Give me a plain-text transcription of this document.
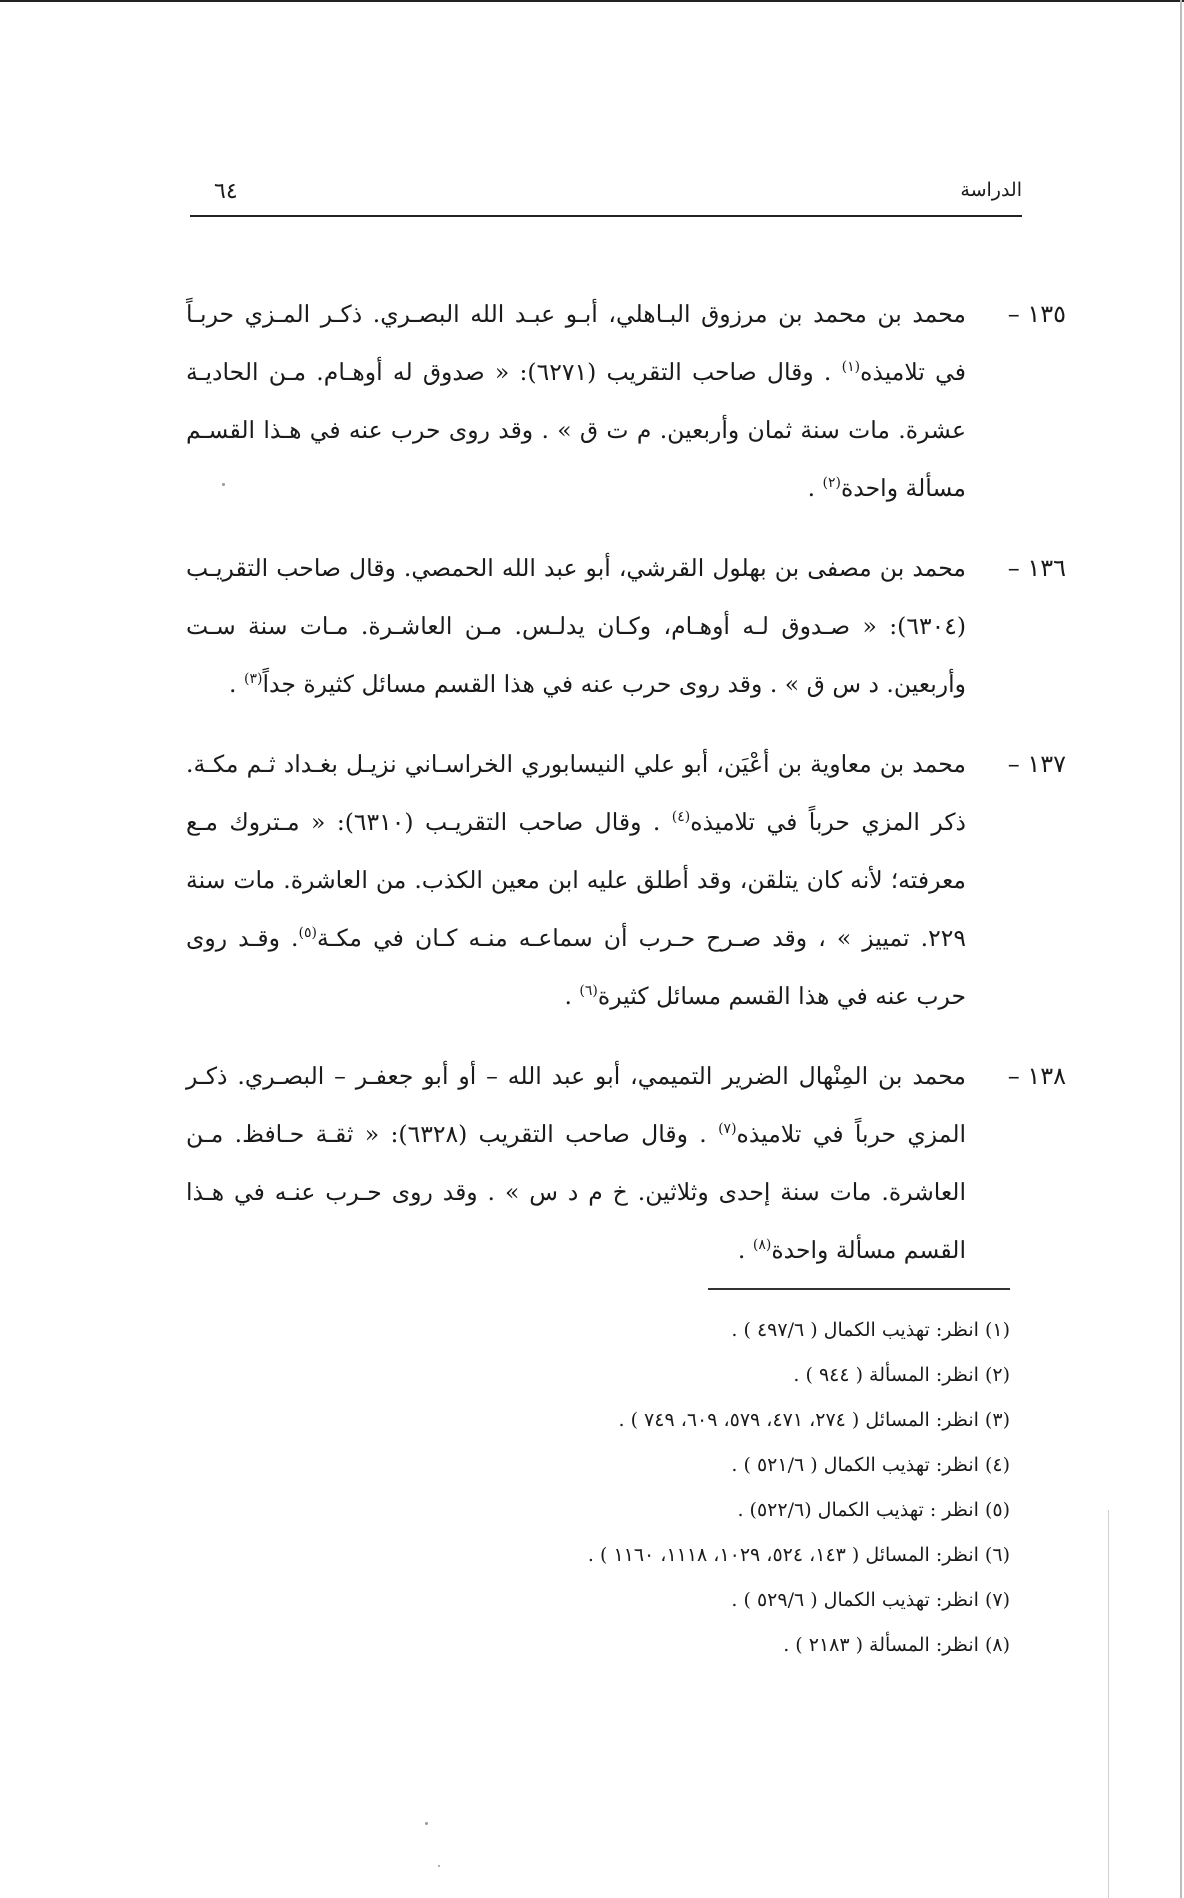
الدراسة
٦٤
١٣٥ –
محمد بن محمد بن مرزوق البـاهلي، أبـو عبـد الله البصـري. ذكـر المـزي حربـاً في تلاميذه$^{(١)}$ . وقال صاحب التقريب (٦٢٧١): « صدوق له أوهـام. مـن الحاديـة عشرة. مات سنة ثمان وأربعين. م ت ق » . وقد روى حرب عنه في هـذا القسـم مسألة واحدة$^{(٢)}$ .
١٣٦ –
محمد بن مصفى بن بهلول القرشي، أبو عبد الله الحمصي. وقال صاحب التقريـب (٦٣٠٤): « صـدوق لـه أوهـام، وكـان يدلـس. مـن العاشـرة. مـات سنة سـت وأربعين. د س ق » . وقد روى حرب عنه في هذا القسم مسائل كثيرة جداً$^{(٣)}$ .
١٣٧ –
محمد بن معاوية بن أعْيَن، أبو علي النيسابوري الخراسـاني نزيـل بغـداد ثـم مكـة. ذكر المزي حرباً في تلاميذه$^{(٤)}$ . وقال صاحب التقريـب (٦٣١٠): « مـتروك مـع معرفته؛ لأنه كان يتلقن، وقد أطلق عليه ابن معين الكذب. من العاشرة. مات سنة ٢٢٩. تمييز » ، وقد صـرح حـرب أن سماعـه منـه كـان في مكـة$^{(٥)}$. وقـد روى حرب عنه في هذا القسم مسائل كثيرة$^{(٦)}$ .
١٣٨ –
محمد بن المِنْهال الضرير التميمي، أبو عبد الله – أو أبو جعفـر – البصـري. ذكـر المزي حرباً في تلاميذه$^{(٧)}$ . وقال صاحب التقريب (٦٣٢٨): « ثقـة حـافظ. مـن العاشرة. مات سنة إحدى وثلاثين. خ م د س » . وقد روى حـرب عنـه في هـذا القسم مسألة واحدة$^{(٨)}$ .
(١) انظر: تهذيب الكمال ( ٤٩٧/٦ ) .
(٢) انظر: المسألة ( ٩٤٤ ) .
(٣) انظر: المسائل ( ٢٧٤، ٤٧١، ٥٧٩، ٦٠٩، ٧٤٩ ) .
(٤) انظر: تهذيب الكمال ( ٥٢١/٦ ) .
(٥) انظر : تهذيب الكمال (٥٢٢/٦) .
(٦) انظر: المسائل ( ١٤٣، ٥٢٤، ١٠٢٩، ١١١٨، ١١٦٠ ) .
(٧) انظر: تهذيب الكمال ( ٥٢٩/٦ ) .
(٨) انظر: المسألة ( ٢١٨٣ ) .
